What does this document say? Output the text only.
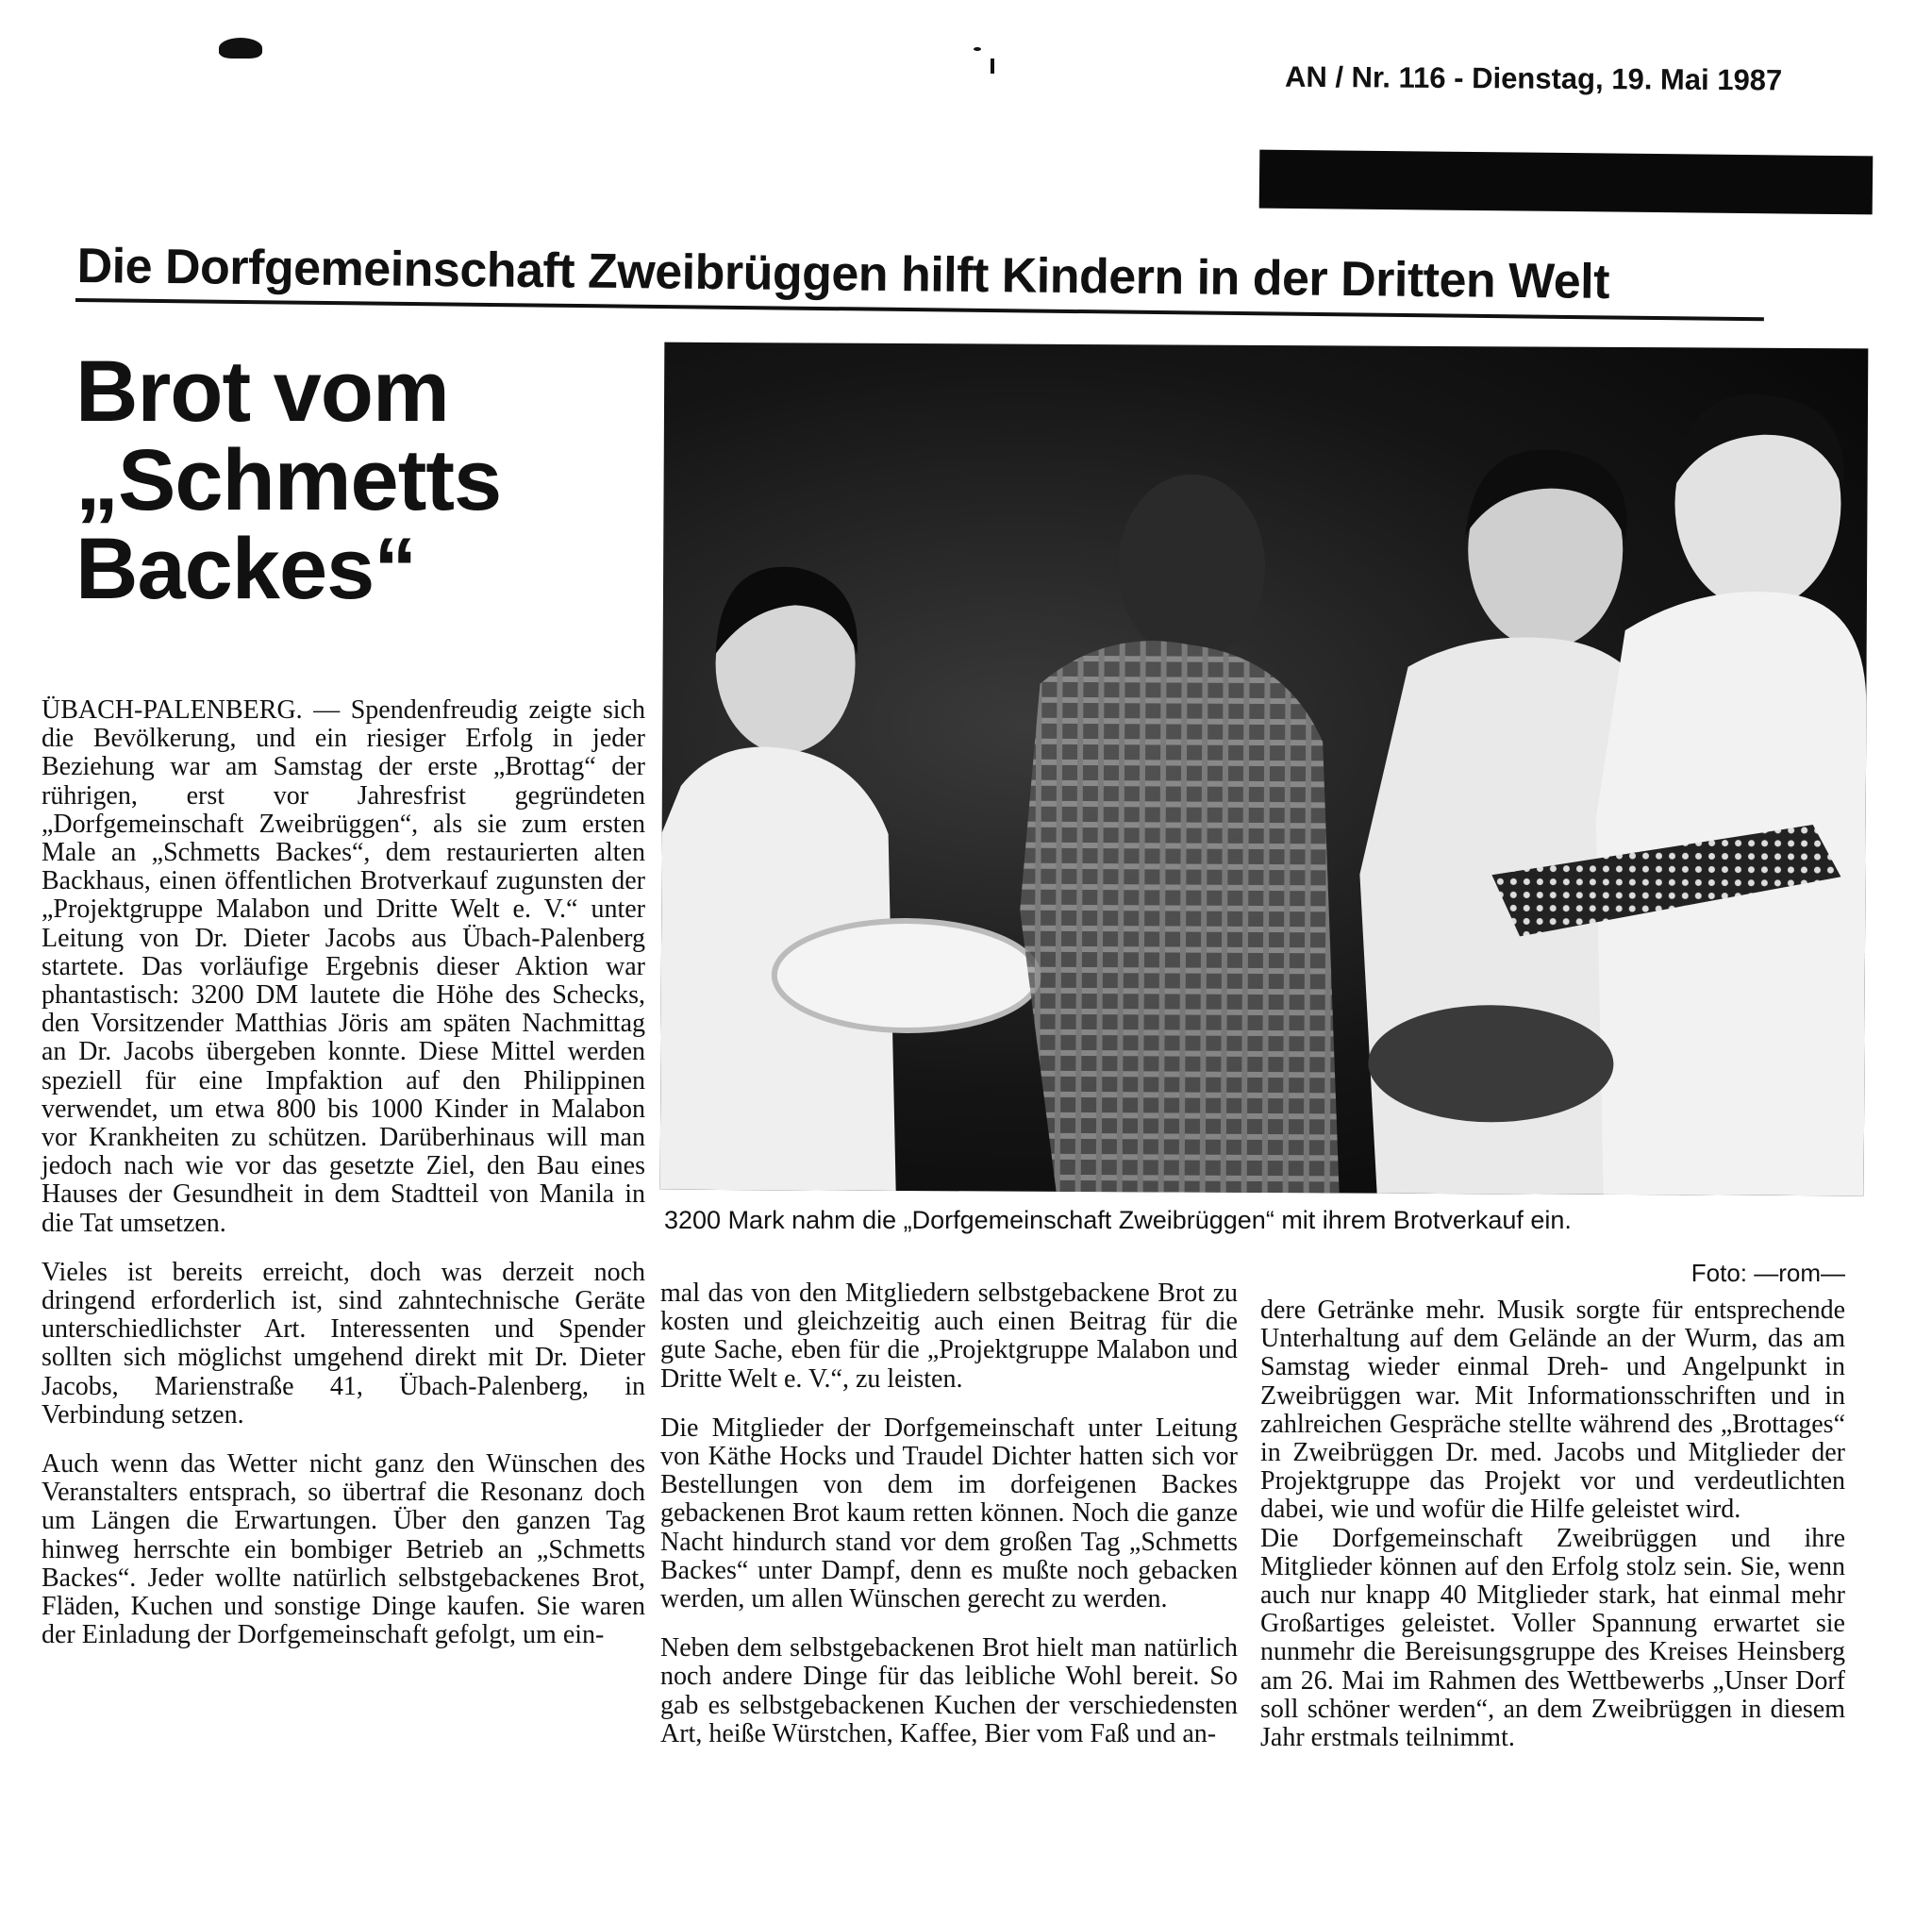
AN / Nr. 116 - Dienstag, 19. Mai 1987
Die Dorfgemeinschaft Zweibrüggen hilft Kindern in der Dritten Welt
Brot vom
„Schmetts
Backes“
3200 Mark nahm die „Dorfgemeinschaft Zweibrüggen“ mit ihrem Brotverkauf ein.
Foto: —rom—

ÜBACH-PALENBERG. — Spendenfreudig zeigte sich die Bevölkerung, und ein riesiger Erfolg in jeder Beziehung war am Samstag der erste „Brottag“ der rührigen, erst vor Jahresfrist gegründeten „Dorfgemeinschaft Zweibrüggen“, als sie zum ersten Male an „Schmetts Backes“, dem restaurierten alten Backhaus, einen öffentlichen Brotverkauf zugunsten der „Projektgruppe Malabon und Dritte Welt e. V.“ unter Leitung von Dr. Dieter Jacobs aus Übach-Palenberg startete. Das vorläufige Ergebnis dieser Aktion war phantastisch: 3200 DM lautete die Höhe des Schecks, den Vorsitzender Matthias Jöris am späten Nachmittag an Dr. Jacobs übergeben konnte. Diese Mittel werden speziell für eine Impfaktion auf den Philippinen verwendet, um etwa 800 bis 1000 Kinder in Malabon vor Krankheiten zu schützen. Darüberhinaus will man jedoch nach wie vor das gesetzte Ziel, den Bau eines Hauses der Gesundheit in dem Stadtteil von Manila in die Tat umsetzen.

Vieles ist bereits erreicht, doch was derzeit noch dringend erforderlich ist, sind zahntechnische Geräte unterschiedlichster Art. Interessenten und Spender sollten sich möglichst umgehend direkt mit Dr. Dieter Jacobs, Marienstraße 41, Übach-Palenberg, in Verbindung setzen.

Auch wenn das Wetter nicht ganz den Wünschen des Veranstalters entsprach, so übertraf die Resonanz doch um Längen die Erwartungen. Über den ganzen Tag hinweg herrschte ein bombiger Betrieb an „Schmetts Backes“. Jeder wollte natürlich selbstgebackenes Brot, Fläden, Kuchen und sonstige Dinge kaufen. Sie waren der Einladung der Dorfgemeinschaft gefolgt, um ein-

mal das von den Mitgliedern selbstgebackene Brot zu kosten und gleichzeitig auch einen Beitrag für die gute Sache, eben für die „Projektgruppe Malabon und Dritte Welt e. V.“, zu leisten.

Die Mitglieder der Dorfgemeinschaft unter Leitung von Käthe Hocks und Traudel Dichter hatten sich vor Bestellungen von dem im dorfeigenen Backes gebackenen Brot kaum retten können. Noch die ganze Nacht hindurch stand vor dem großen Tag „Schmetts Backes“ unter Dampf, denn es mußte noch gebacken werden, um allen Wünschen gerecht zu werden.

Neben dem selbstgebackenen Brot hielt man natürlich noch andere Dinge für das leibliche Wohl bereit. So gab es selbstgebackenen Kuchen der verschiedensten Art, heiße Würstchen, Kaffee, Bier vom Faß und an-

dere Getränke mehr. Musik sorgte für entsprechende Unterhaltung auf dem Gelände an der Wurm, das am Samstag wieder einmal Dreh- und Angelpunkt in Zweibrüggen war. Mit Informationsschriften und in zahlreichen Gespräche stellte während des „Brottages“ in Zweibrüggen Dr. med. Jacobs und Mitglieder der Projektgruppe das Projekt vor und verdeutlichten dabei, wie und wofür die Hilfe geleistet wird.

Die Dorfgemeinschaft Zweibrüggen und ihre Mitglieder können auf den Erfolg stolz sein. Sie, wenn auch nur knapp 40 Mitglieder stark, hat einmal mehr Großartiges geleistet. Voller Spannung erwartet sie nunmehr die Bereisungsgruppe des Kreises Heinsberg am 26. Mai im Rahmen des Wettbewerbs „Unser Dorf soll schöner werden“, an dem Zweibrüggen in diesem Jahr erstmals teilnimmt.
